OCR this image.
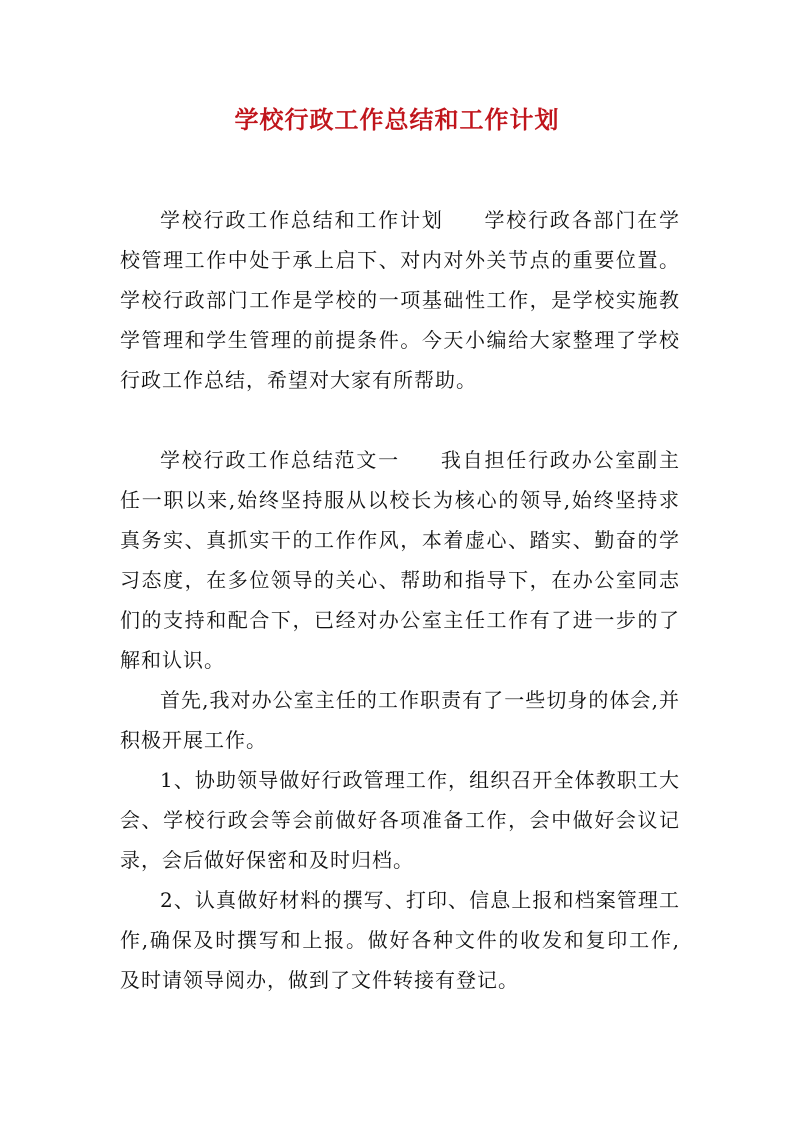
学校行政工作总结和工作计划

学校行政工作总结和工作计划 学校行政各部门在学校管理工作中处于承上启下、对内对外关节点的重要位置。学校行政部门工作是学校的一项基础性工作，是学校实施教学管理和学生管理的前提条件。今天小编给大家整理了学校行政工作总结，希望对大家有所帮助。

学校行政工作总结范文一 我自担任行政办公室副主任一职以来,始终坚持服从以校长为核心的领导,始终坚持求真务实、真抓实干的工作作风，本着虚心、踏实、勤奋的学习态度，在多位领导的关心、帮助和指导下，在办公室同志们的支持和配合下，已经对办公室主任工作有了进一步的了解和认识。

首先,我对办公室主任的工作职责有了一些切身的体会,并积极开展工作。

1、协助领导做好行政管理工作，组织召开全体教职工大会、学校行政会等会前做好各项准备工作，会中做好会议记录，会后做好保密和及时归档。

2、认真做好材料的撰写、打印、信息上报和档案管理工作,确保及时撰写和上报。做好各种文件的收发和复印工作,及时请领导阅办，做到了文件转接有登记。
